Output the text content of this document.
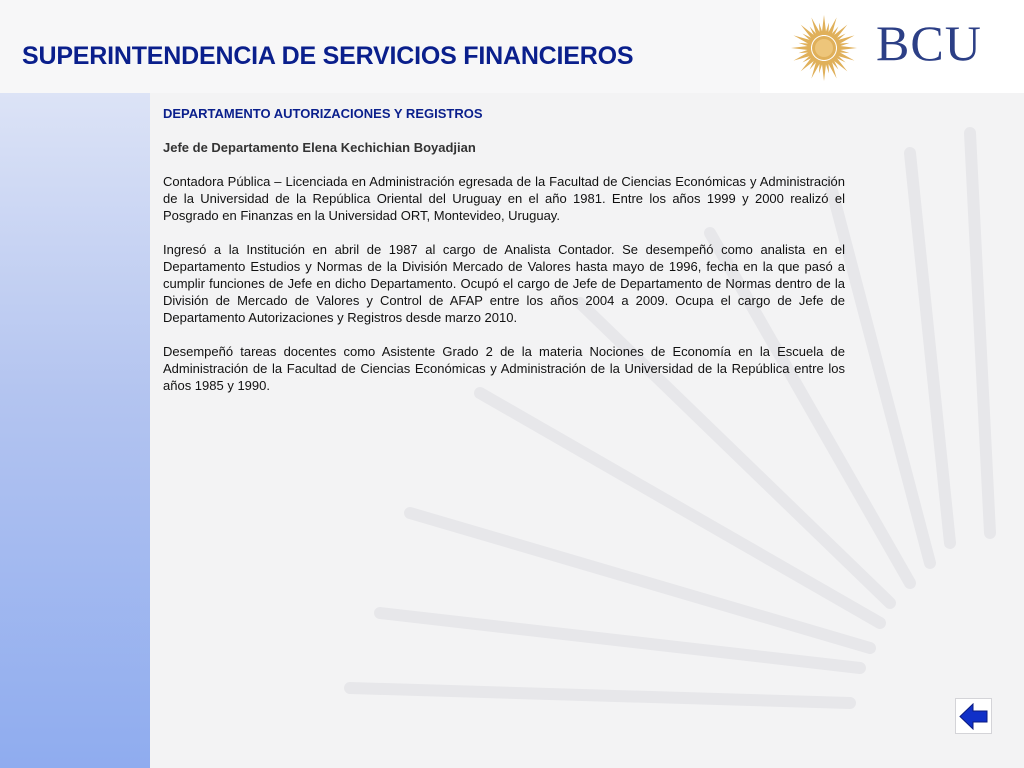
SUPERINTENDENCIA DE SERVICIOS FINANCIEROS	BCU

DEPARTAMENTO AUTORIZACIONES Y REGISTROS

Jefe de Departamento Elena Kechichian Boyadjian

Contadora Pública – Licenciada en Administración egresada de la Facultad de Ciencias Económicas y Administración de la Universidad de la República Oriental del Uruguay en el año 1981. Entre los años 1999 y 2000 realizó el Posgrado en Finanzas en la Universidad ORT, Montevideo, Uruguay.

Ingresó a la Institución en abril de 1987 al cargo de Analista Contador. Se desempeñó como analista en el Departamento Estudios y Normas de la División Mercado de Valores hasta mayo de 1996, fecha en la que pasó a cumplir funciones de Jefe en dicho Departamento. Ocupó el cargo de Jefe de Departamento de Normas dentro de la División de Mercado de Valores y Control de AFAP entre los años 2004 a 2009. Ocupa el cargo de Jefe de Departamento Autorizaciones y Registros desde marzo 2010.

Desempeñó tareas docentes como Asistente Grado 2 de la materia Nociones de Economía en la Escuela de Administración de la Facultad de Ciencias Económicas y Administración de la Universidad de la República entre los años 1985 y 1990.
